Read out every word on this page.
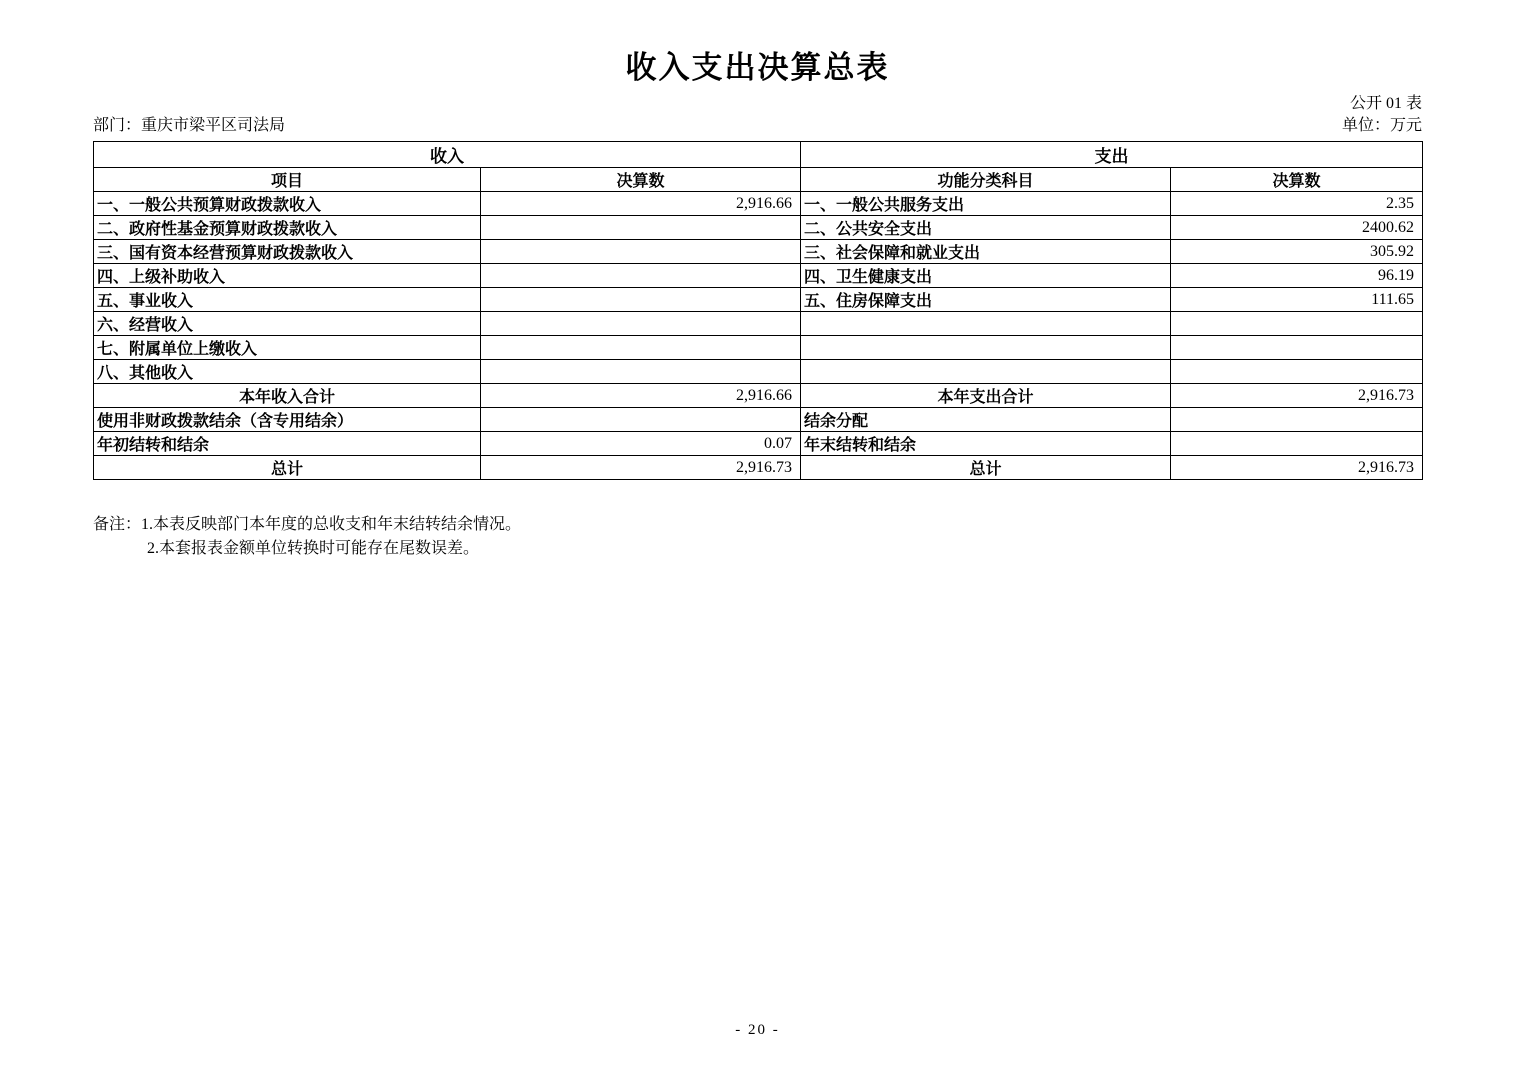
收入支出决算总表
公开 01 表
部门：重庆市梁平区司法局	单位：万元
收入		支出	
项目	决算数	功能分类科目	决算数
一、一般公共预算财政拨款收入	2,916.66	一、一般公共服务支出	2.35
二、政府性基金预算财政拨款收入		二、公共安全支出	2400.62
三、国有资本经营预算财政拨款收入		三、社会保障和就业支出	305.92
四、上级补助收入		四、卫生健康支出	96.19
五、事业收入		五、住房保障支出	111.65
六、经营收入			
七、附属单位上缴收入			
八、其他收入			
本年收入合计	2,916.66	本年支出合计	2,916.73
使用非财政拨款结余（含专用结余）		结余分配	
年初结转和结余	0.07	年末结转和结余	
总计	2,916.73	总计	2,916.73
备注：1.本表反映部门本年度的总收支和年末结转结余情况。
2.本套报表金额单位转换时可能存在尾数误差。
- 20 -
